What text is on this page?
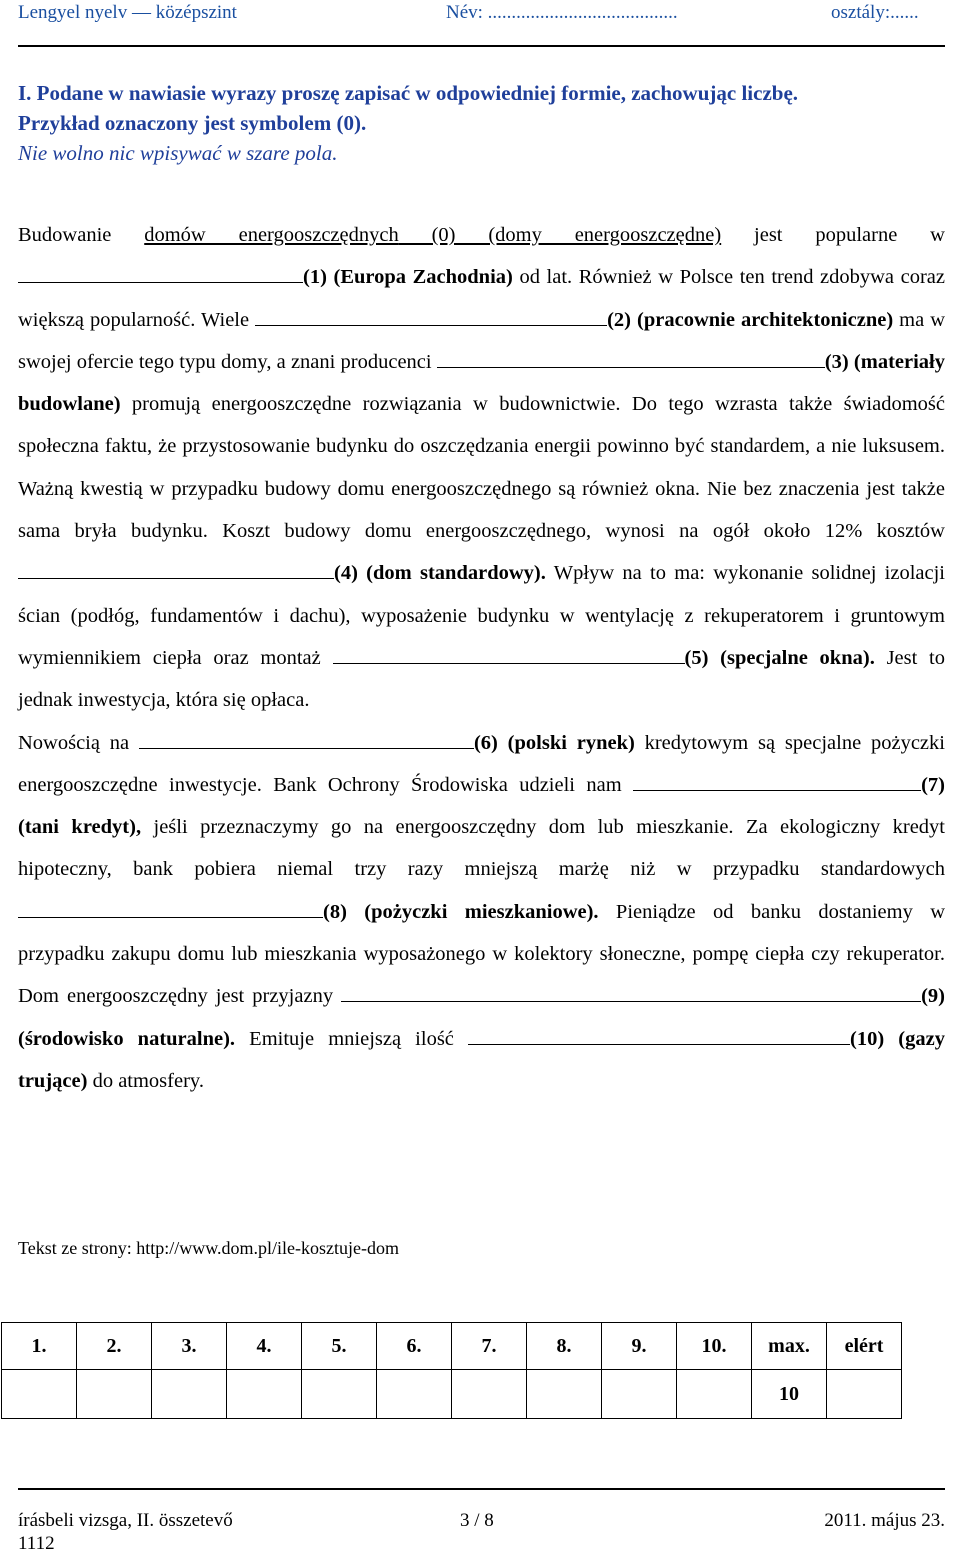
Lengyel nyelv — középszint	Név: ........................................	osztály:......
I. Podane w nawiasie wyrazy proszę zapisać w odpowiedniej formie, zachowując liczbę.
Przykład oznaczony jest symbolem (0).
Nie wolno nic wpisywać w szare pola.

Budowanie domów energooszczędnych (0) (domy energooszczędne) jest popularne w (1) (Europa Zachodnia) od lat. Również w Polsce ten trend zdobywa coraz większą popularność. Wiele	(2) (pracownie architektoniczne) ma w swojej ofercie tego typu domy, a znani producenci	(3) (materiały budowlane) promują energooszczędne rozwiązania w budownictwie. Do tego wzrasta także świadomość społeczna faktu, że przystosowanie budynku do oszczędzania energii powinno być standardem, a nie luksusem. Ważną kwestią w przypadku budowy domu energooszczędnego są również okna. Nie bez znaczenia jest także sama bryła budynku. Koszt budowy domu energooszczędnego, wynosi na ogół około 12% kosztów (4) (dom standardowy). Wpływ na to ma: wykonanie solidnej izolacji ścian (podłóg, fundamentów i dachu), wyposażenie budynku w wentylację z rekuperatorem i gruntowym wymiennikiem ciepła oraz montaż	(5) (specjalne okna). Jest to jednak inwestycja, która się opłaca.

Nowością na	(6) (polski rynek) kredytowym są specjalne pożyczki energooszczędne inwestycje. Bank Ochrony Środowiska udzieli nam	(7) (tani kredyt), jeśli przeznaczymy go na energooszczędny dom lub mieszkanie. Za ekologiczny kredyt hipoteczny, bank pobiera niemal trzy razy mniejszą marżę niż w przypadku standardowych (8) (pożyczki mieszkaniowe). Pieniądze od banku dostaniemy w przypadku zakupu domu lub mieszkania wyposażonego w kolektory słoneczne, pompę ciepła czy rekuperator. Dom energooszczędny jest przyjazny	(9) (środowisko naturalne). Emituje mniejszą ilość	(10) (gazy trujące) do atmosfery.

Tekst ze strony: http://www.dom.pl/ile-kosztuje-dom
1.	2.	3.	4.	5.	6.	7.	8.	9.	10.	max.	elért
										10	
írásbeli vizsga, II. összetevő
1112
3 / 8	2011. május 23.
